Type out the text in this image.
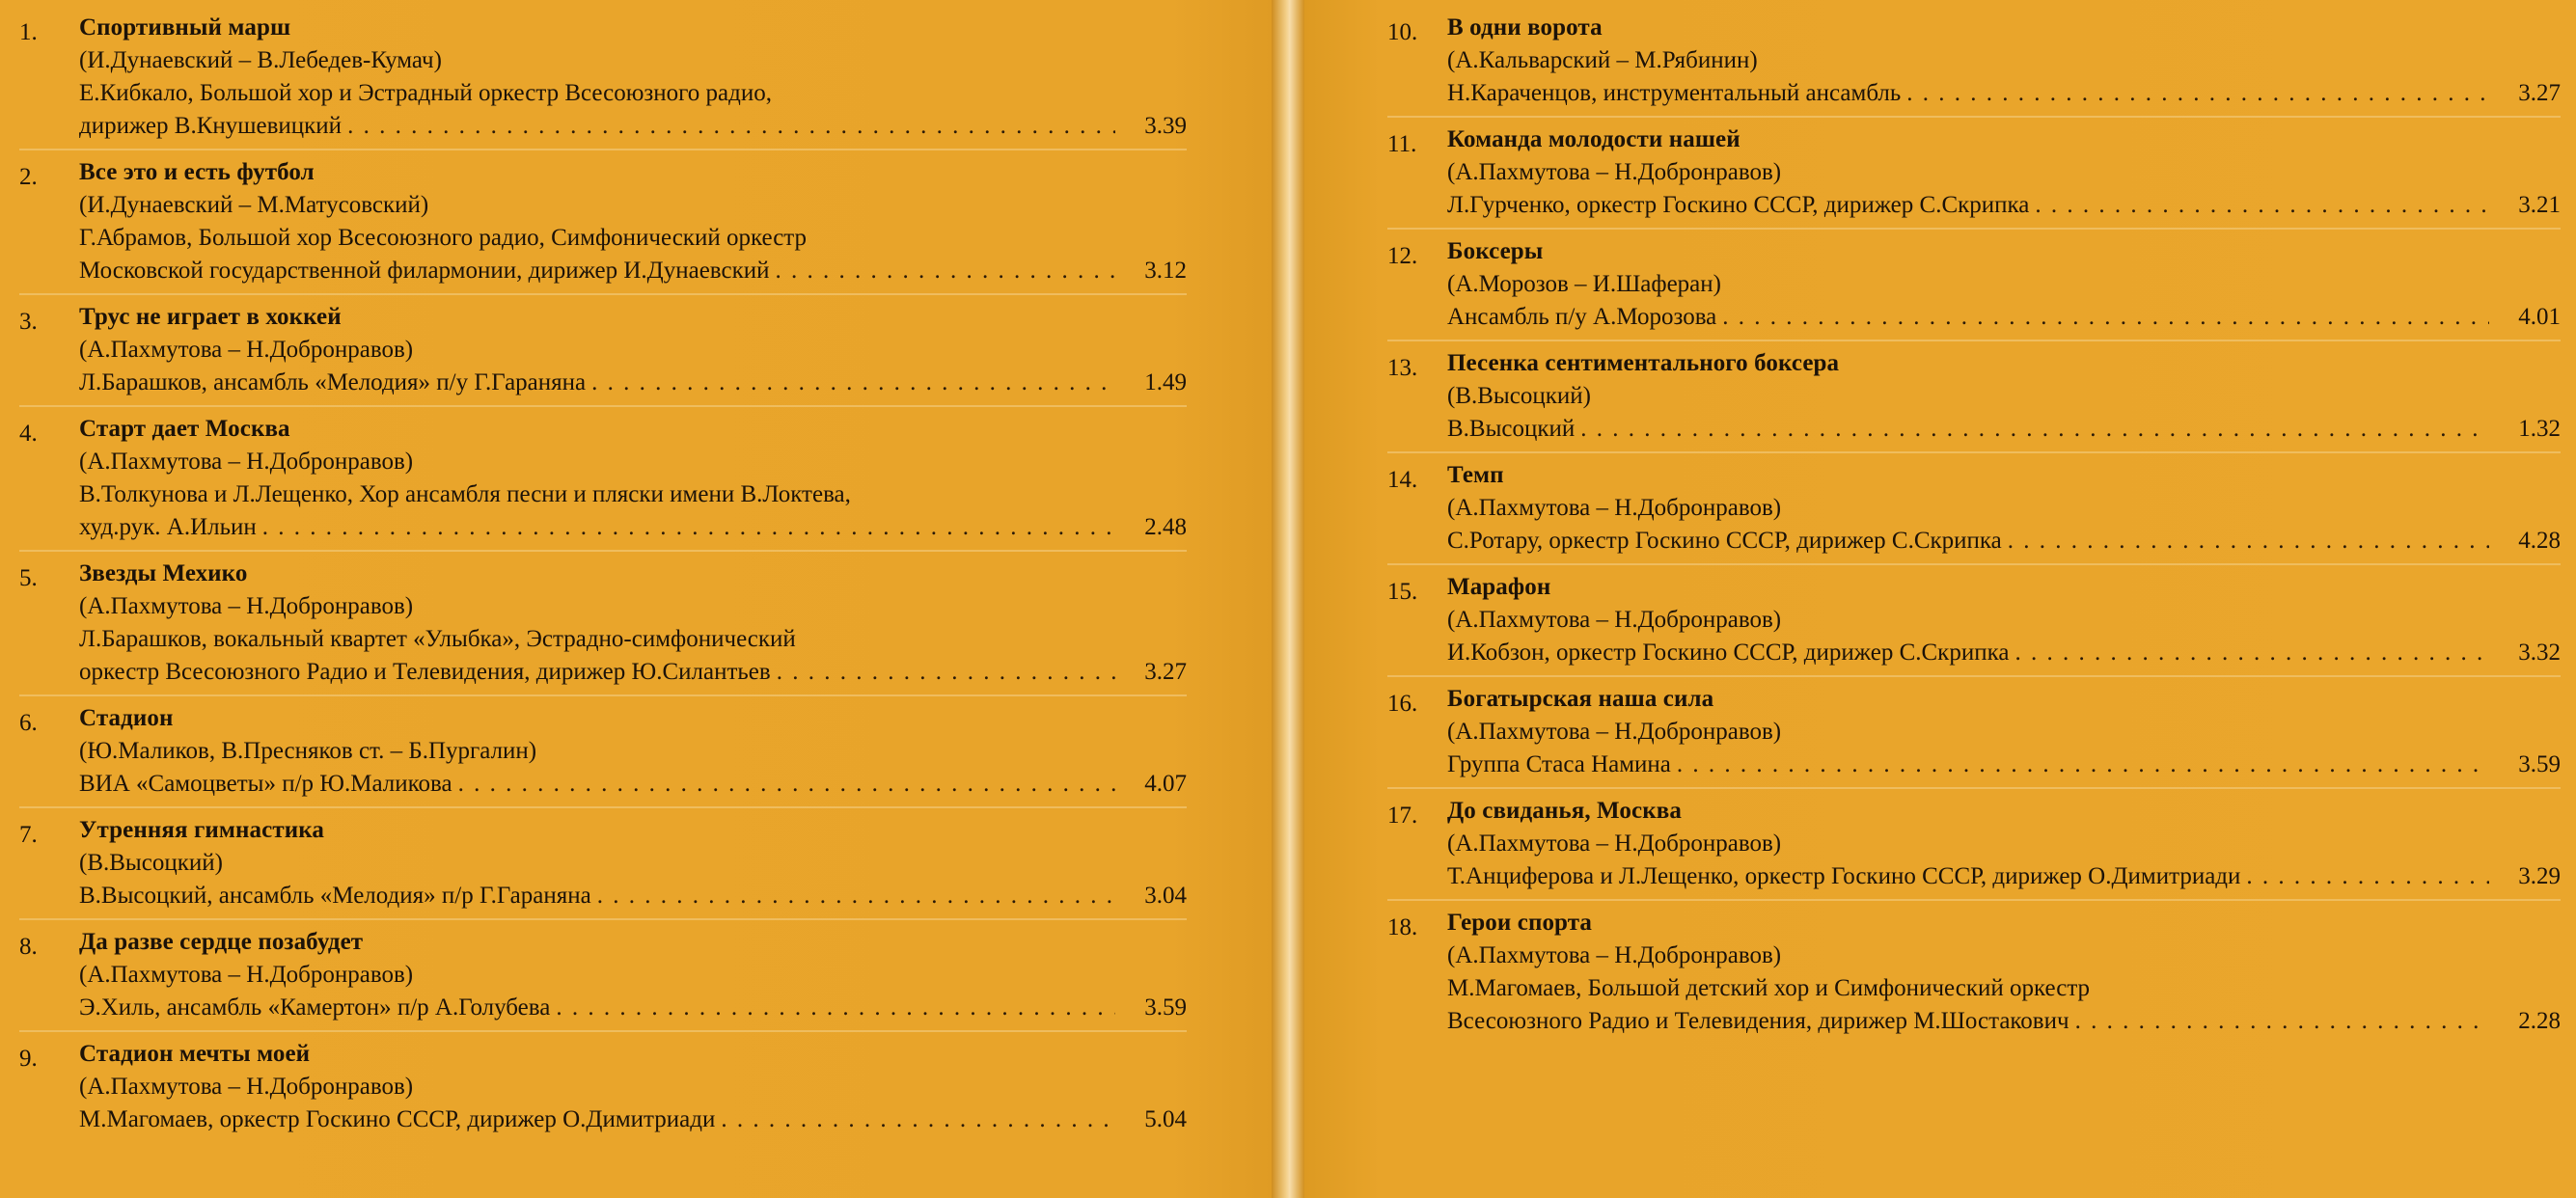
1.	Спортивный марш
(И.Дунаевский – В.Лебедев-Кумач)
Е.Кибкало, Большой хор и Эстрадный оркестр Всесоюзного радио,
дирижер В.Кнушевицкий . . .	3.39
2.	Все это и есть футбол
(И.Дунаевский – М.Матусовский)
Г.Абрамов, Большой хор Всесоюзного радио, Симфонический оркестр
Московской государственной филармонии, дирижер И.Дунаевский . . .	3.12
3.	Трус не играет в хоккей
(А.Пахмутова – Н.Добронравов)
Л.Барашков, ансамбль «Мелодия» п/у Г.Гараняна . . .	1.49
4.	Старт дает Москва
(А.Пахмутова – Н.Добронравов)
В.Толкунова и Л.Лещенко, Хор ансамбля песни и пляски имени В.Локтева,
худ.рук. А.Ильин . . .	2.48
5.	Звезды Мехико
(А.Пахмутова – Н.Добронравов)
Л.Барашков, вокальный квартет «Улыбка», Эстрадно-симфонический
оркестр Всесоюзного Радио и Телевидения, дирижер Ю.Силантьев . . .	3.27
6.	Стадион
(Ю.Маликов, В.Пресняков ст. – Б.Пургалин)
ВИА «Самоцветы» п/р Ю.Маликова . . .	4.07
7.	Утренняя гимнастика
(В.Высоцкий)
В.Высоцкий, ансамбль «Мелодия» п/р Г.Гараняна . . .	3.04
8.	Да разве сердце позабудет
(А.Пахмутова – Н.Добронравов)
Э.Хиль, ансамбль «Камертон» п/р А.Голубева . . .	3.59
9.	Стадион мечты моей
(А.Пахмутова – Н.Добронравов)
М.Магомаев, оркестр Госкино СССР, дирижер О.Димитриади . . .	5.04
10.	В одни ворота
(А.Кальварский – М.Рябинин)
Н.Караченцов, инструментальный ансамбль . . .	3.27
11.	Команда молодости нашей
(А.Пахмутова – Н.Добронравов)
Л.Гурченко, оркестр Госкино СССР, дирижер С.Скрипка . . .	3.21
12.	Боксеры
(А.Морозов – И.Шаферан)
Ансамбль п/у А.Морозова . . .	4.01
13.	Песенка сентиментального боксера
(В.Высоцкий)
В.Высоцкий . . .	1.32
14.	Темп
(А.Пахмутова – Н.Добронравов)
С.Ротару, оркестр Госкино СССР, дирижер С.Скрипка . . .	4.28
15.	Марафон
(А.Пахмутова – Н.Добронравов)
И.Кобзон, оркестр Госкино СССР, дирижер С.Скрипка . . .	3.32
16.	Богатырская наша сила
(А.Пахмутова – Н.Добронравов)
Группа Стаса Намина . . .	3.59
17.	До свиданья, Москва
(А.Пахмутова – Н.Добронравов)
Т.Анциферова и Л.Лещенко, оркестр Госкино СССР, дирижер О.Димитриади . . .	3.29
18.	Герои спорта
(А.Пахмутова – Н.Добронравов)
М.Магомаев, Большой детский хор и Симфонический оркестр
Всесоюзного Радио и Телевидения, дирижер М.Шостакович . . .	2.28
